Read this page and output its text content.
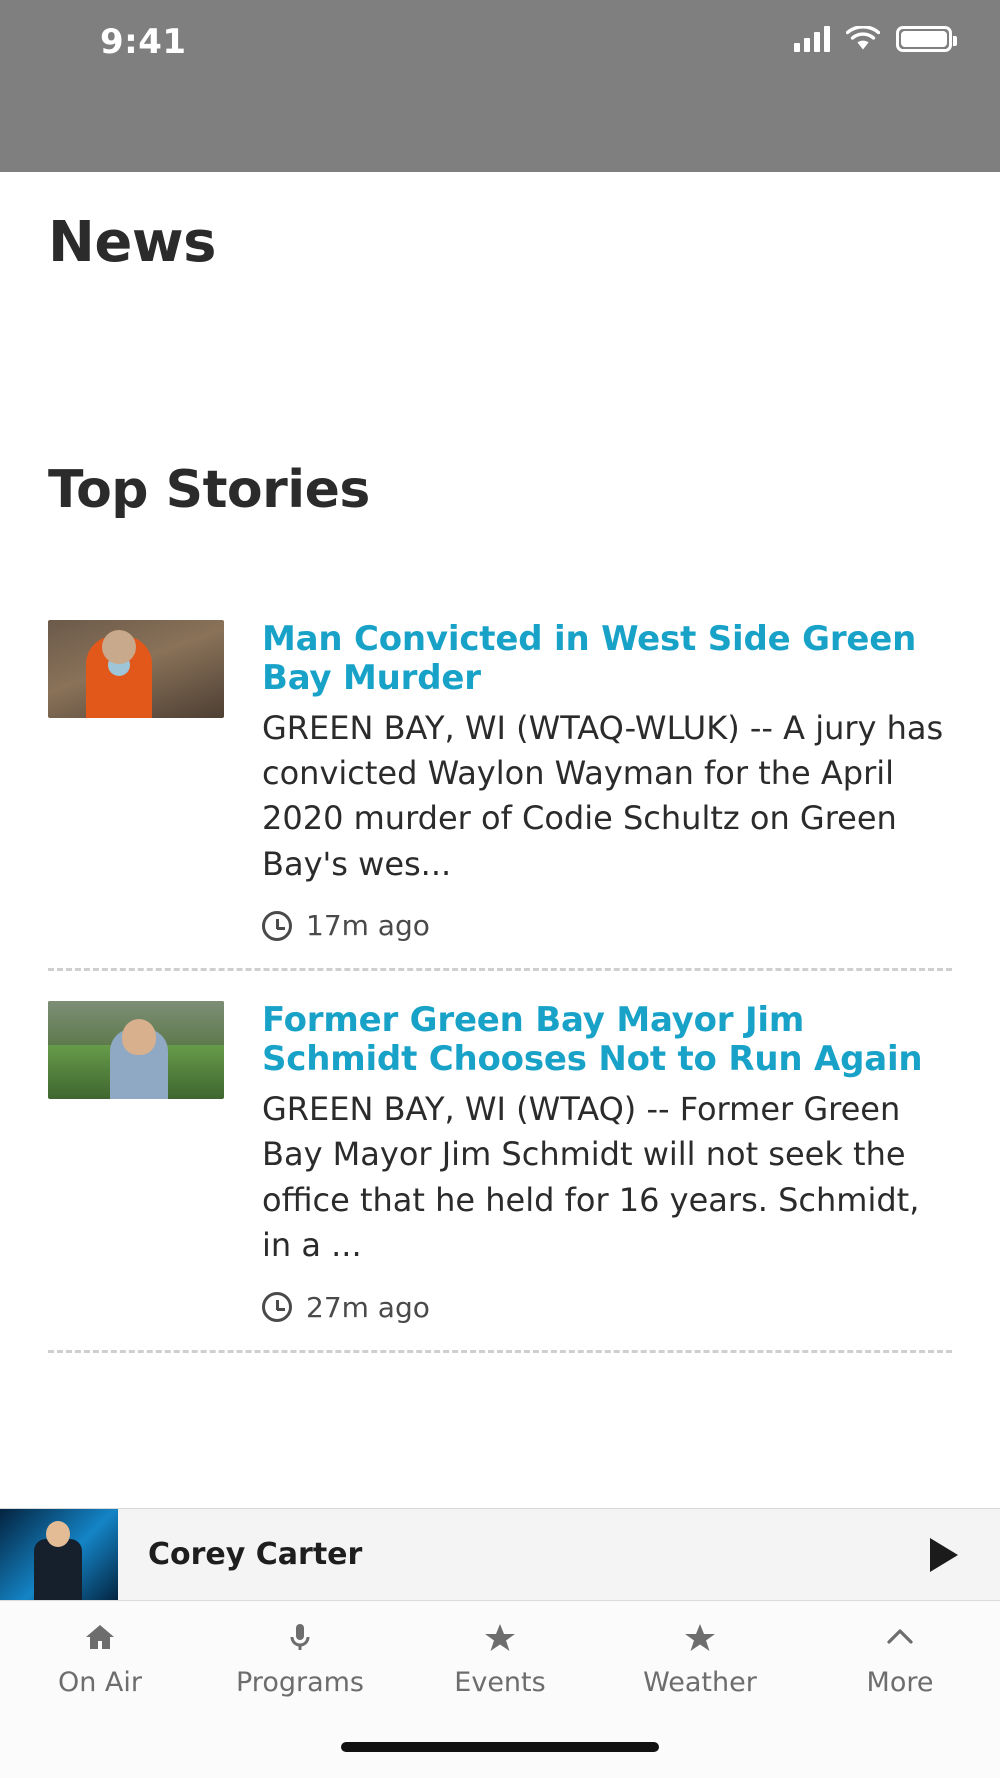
9:41
News
Top Stories
Man Convicted in West Side Green Bay Murder
GREEN BAY, WI (WTAQ-WLUK) -- A jury has convicted Waylon Wayman for the April 2020 murder of Codie Schultz on Green Bay's wes...
17m ago
Former Green Bay Mayor Jim Schmidt Chooses Not to Run Again
GREEN BAY, WI (WTAQ) -- Former Green Bay Mayor Jim Schmidt will not seek the office that he held for 16 years. Schmidt, in a ...
27m ago
Corey Carter
On Air	Programs	Events	Weather	More
